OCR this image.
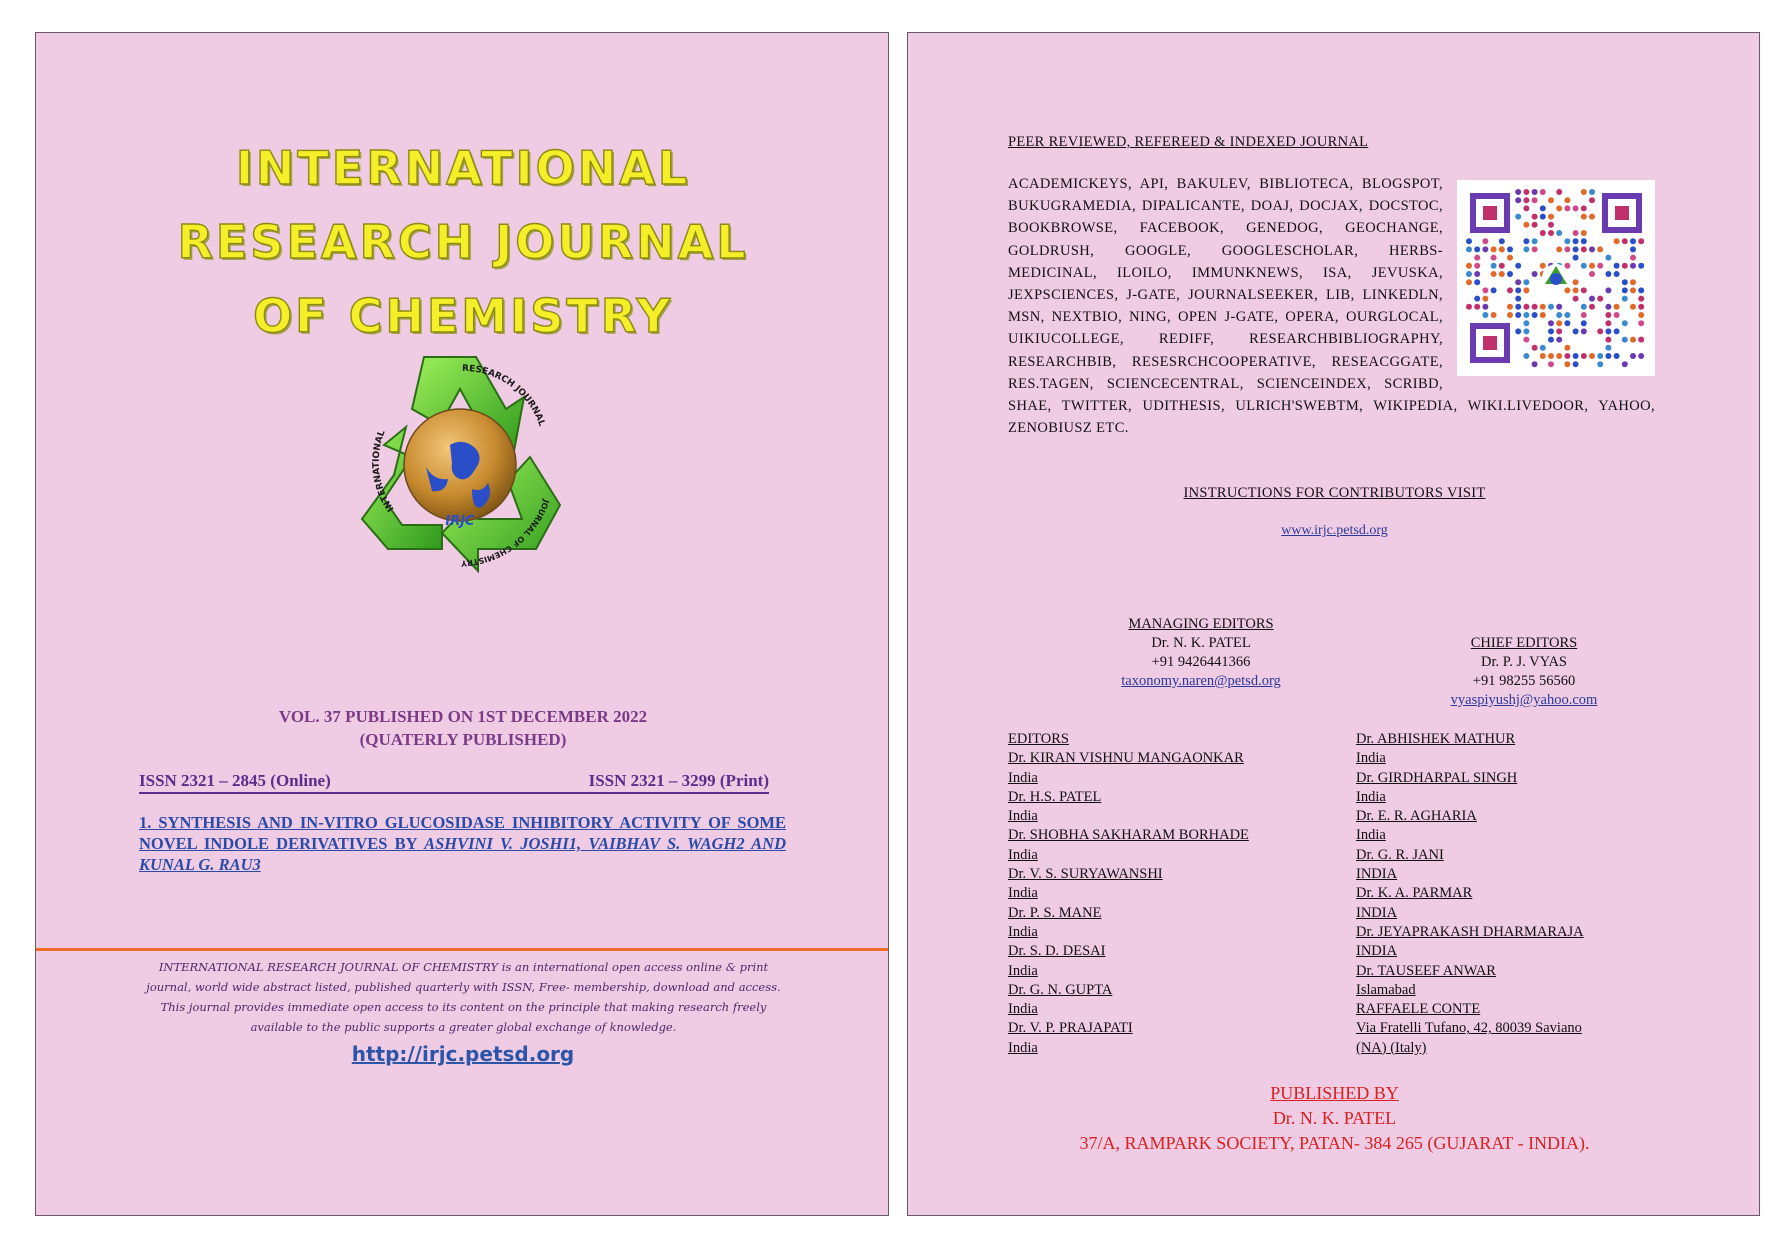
INTERNATIONAL
RESEARCH JOURNAL
OF CHEMISTRY
IRJC
RESEARCH JOURNAL
INTERNATIONAL
JOURNAL OF CHEMISTRY
VOL. 37 PUBLISHED ON 1ST DECEMBER 2022
(QUATERLY PUBLISHED)
ISSN 2321 – 2845 (Online)	ISSN 2321 – 3299 (Print)
1. SYNTHESIS AND IN-VITRO GLUCOSIDASE INHIBITORY ACTIVITY OF SOME NOVEL INDOLE DERIVATIVES BY ASHVINI V. JOSHI1, VAIBHAV S. WAGH2 AND KUNAL G. RAU3
INTERNATIONAL RESEARCH JOURNAL OF CHEMISTRY is an international open access online & print journal, world wide abstract listed, published quarterly with ISSN, Free- membership, download and access. This journal provides immediate open access to its content on the principle that making research freely available to the public supports a greater global exchange of knowledge.
http://irjc.petsd.org
PEER REVIEWED, REFEREED & INDEXED JOURNAL
ACADEMICKEYS, API, BAKULEV, BIBLIOTECA, BLOGSPOT, BUKUGRAMEDIA, DIPALICANTE, DOAJ, DOCJAX, DOCSTOC, BOOKBROWSE, FACEBOOK, GENEDOG, GEOCHANGE, GOLDRUSH, GOOGLE, GOOGLESCHOLAR, HERBS-MEDICINAL, ILOILO, IMMUNKNEWS, ISA, JEVUSKA, JEXPSCIENCES, J-GATE, JOURNALSEEKER, LIB, LINKEDLN, MSN, NEXTBIO, NING, OPEN J-GATE, OPERA, OURGLOCAL, UIKIUCOLLEGE, REDIFF, RESEARCHBIBLIOGRAPHY, RESEARCHBIB, RESESRCHCOOPERATIVE, RESEACGGATE, RES.TAGEN, SCIENCECENTRAL, SCIENCEINDEX, SCRIBD, SHAE, TWITTER, UDITHESIS, ULRICH'SWEBTM, WIKIPEDIA, WIKI.LIVEDOOR, YAHOO, ZENOBIUSZ ETC.
INSTRUCTIONS FOR CONTRIBUTORS VISIT
www.irjc.petsd.org
MANAGING EDITORS
Dr. N. K. PATEL
+91 9426441366
taxonomy.naren@petsd.org
CHIEF EDITORS
Dr. P. J. VYAS
+91 98255 56560
vyaspiyushj@yahoo.com
EDITORS
Dr. KIRAN VISHNU MANGAONKAR
India
Dr. H.S. PATEL
India
Dr. SHOBHA SAKHARAM BORHADE
India
Dr. V. S. SURYAWANSHI
India
Dr. P. S. MANE
India
Dr. S. D. DESAI
India
Dr. G. N. GUPTA
India
Dr. V. P. PRAJAPATI
India
Dr. ABHISHEK MATHUR
India
Dr. GIRDHARPAL SINGH
India
Dr. E. R. AGHARIA
India
Dr. G. R. JANI
INDIA
Dr. K. A. PARMAR
INDIA
Dr. JEYAPRAKASH DHARMARAJA
INDIA
Dr. TAUSEEF ANWAR
Islamabad
RAFFAELE CONTE
Via Fratelli Tufano, 42, 80039 Saviano
(NA) (Italy)
PUBLISHED BY
Dr. N. K. PATEL
37/A, RAMPARK SOCIETY, PATAN- 384 265 (GUJARAT - INDIA).
